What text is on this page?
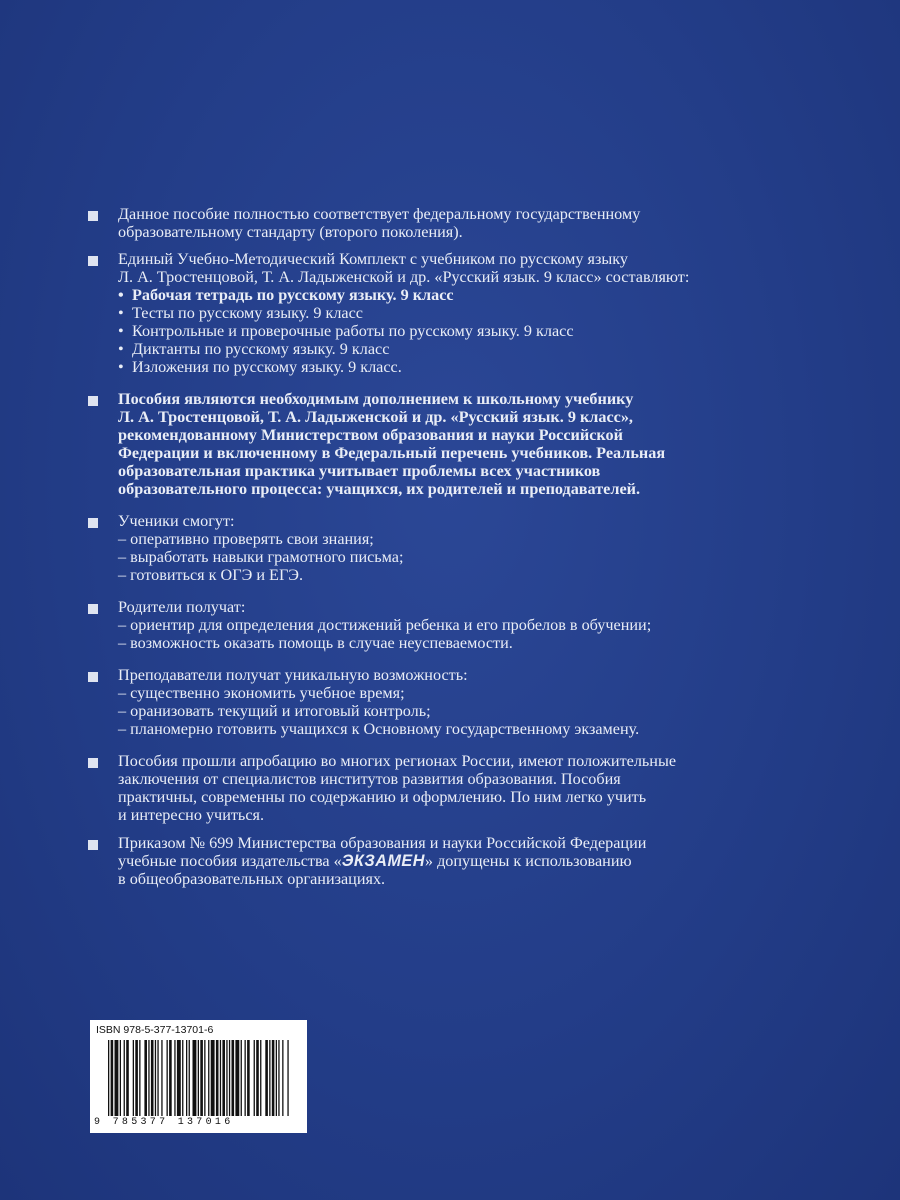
Данное пособие полностью соответствует федеральному государственному
образовательному стандарту (второго поколения).
Единый Учебно-Методический Комплект с учебником по русскому языку
Л. А. Тростенцовой, Т. А. Ладыженской и др. «Русский язык. 9 класс» составляют:
• Рабочая тетрадь по русскому языку. 9 класс
• Тесты по русскому языку. 9 класс
• Контрольные и проверочные работы по русскому языку. 9 класс
• Диктанты по русскому языку. 9 класс
• Изложения по русскому языку. 9 класс.
Пособия являются необходимым дополнением к школьному учебнику
Л. А. Тростенцовой, Т. А. Ладыженской и др. «Русский язык. 9 класс»,
рекомендованному Министерством образования и науки Российской
Федерации и включенному в Федеральный перечень учебников. Реальная
образовательная практика учитывает проблемы всех участников
образовательного процесса: учащихся, их родителей и преподавателей.
Ученики смогут:
– оперативно проверять свои знания;
– выработать навыки грамотного письма;
– готовиться к ОГЭ и ЕГЭ.
Родители получат:
– ориентир для определения достижений ребенка и его пробелов в обучении;
– возможность оказать помощь в случае неуспеваемости.
Преподаватели получат уникальную возможность:
– существенно экономить учебное время;
– оранизовать текущий и итоговый контроль;
– планомерно готовить учащихся к Основному государственному экзамену.
Пособия прошли апробацию во многих регионах России, имеют положительные
заключения от специалистов институтов развития образования. Пособия
практичны, современны по содержанию и оформлению. По ним легко учить
и интересно учиться.
Приказом № 699 Министерства образования и науки Российской Федерации
учебные пособия издательства «ЭКЗАМЕН» допущены к использованию
в общеобразовательных организациях.
ISBN 978-5-377-13701-6
9 785377 137016
